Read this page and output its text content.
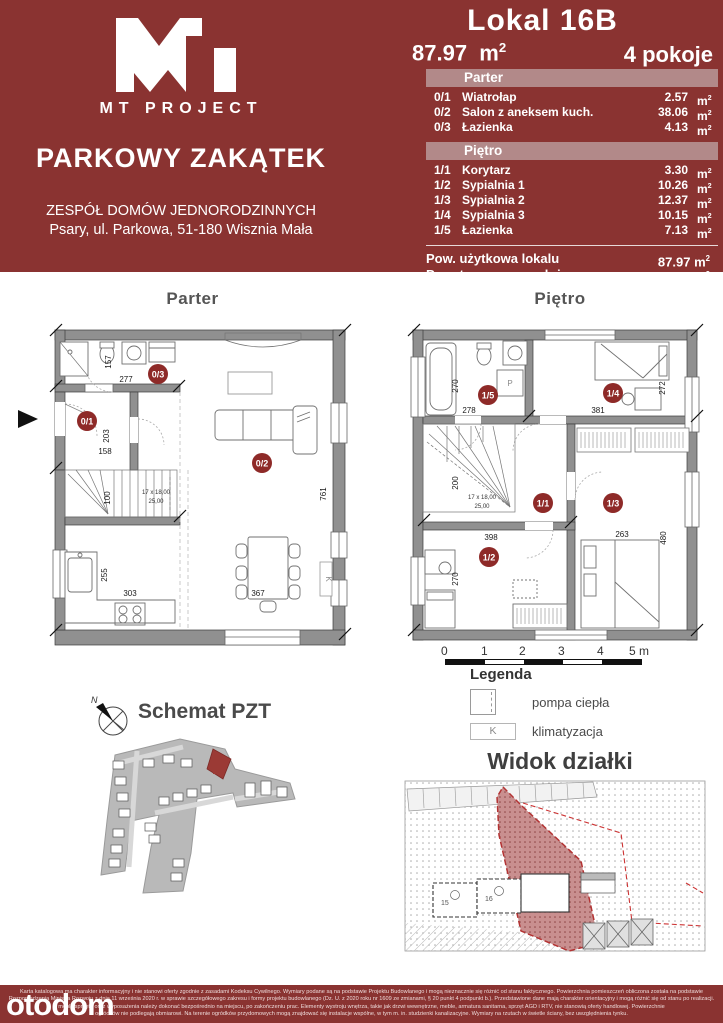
MT PROJECT
PARKOWY ZAKĄTEK
ZESPÓŁ DOMÓW JEDNORODZINNYCH
Psary, ul. Parkowa, 51-180 Wisznia Mała
Lokal 16B
87.97 $m^2$	4 pokoje
Parter
0/1 Wiatrołap	2.57 $m^2$
0/2 Salon z aneksem kuch.	38.06 $m^2$
0/3 Łazienka	4.13 $m^2$
Piętro
1/1 Korytarz	3.30 $m^2$
1/2 Sypialnia 1	10.26 $m^2$
1/3 Sypialnia 2	12.37 $m^2$
1/4 Sypialnia 3	10.15 $m^2$
1/5 Łazienka	7.13 $m^2$
Pow. użytkowa lokalu	87.97 $m^2$
Pow. terenu przynależnego	362.52 $m^2$
Pow. terenu zielonego	258.67 $m^2$
Parter	Piętro
K
0/3
0/1
0/2
277
157
203
158
100
255
303	367
761
17 x 18,00
25,00
P
1/5	1/4
1/1	1/3
1/2
270
278	381
272
200
398	263
270
480
17 x 18,00
25,00
0	1	2	3	4 5 m
Legenda
pompa ciepła
K	klimatyzacja
N Schemat PZT
Widok działki
15
16
Karta katalogowa ma charakter informacyjny i nie stanowi oferty zgodnie z zasadami Kodeksu Cywilnego. Wymiary podane są na podstawie Projektu Budowlanego i mogą nieznacznie się różnić od stanu faktycznego. Powierzchnia pomieszczeń obliczona została na podstawie
Rozporządzenia Ministra Rozwoju z dnia 11 września 2020 r. w sprawie szczegółowego zakresu i formy projektu budowlanego (Dz. U. z 2020 roku nr 1609 ze zmianami, § 20 punkt 4 podpunkt b.). Przedstawione dane mają charakter orientacyjny i mogą różnić się od stanu po realizacji.
mebli, sprzętu oraz wyposażenia należy dokonać bezpośrednio na miejscu, po zakończeniu prac. Elementy wystroju wnętrza, takie jak drzwi wewnętrzne, meble, armatura sanitarna, sprzęt AGD i RTV, nie stanowią oferty handlowej. Powierzchnie
ogródków nie podlegają obmiarowi. Na terenie ogródków przydomowych mogą znajdować się instalacje wspólne, w tym m. in. studzienki kanalizacyjne. Wymiary na rzutach w świetle ściany, bez uwzględnienia tynku.
otodom
